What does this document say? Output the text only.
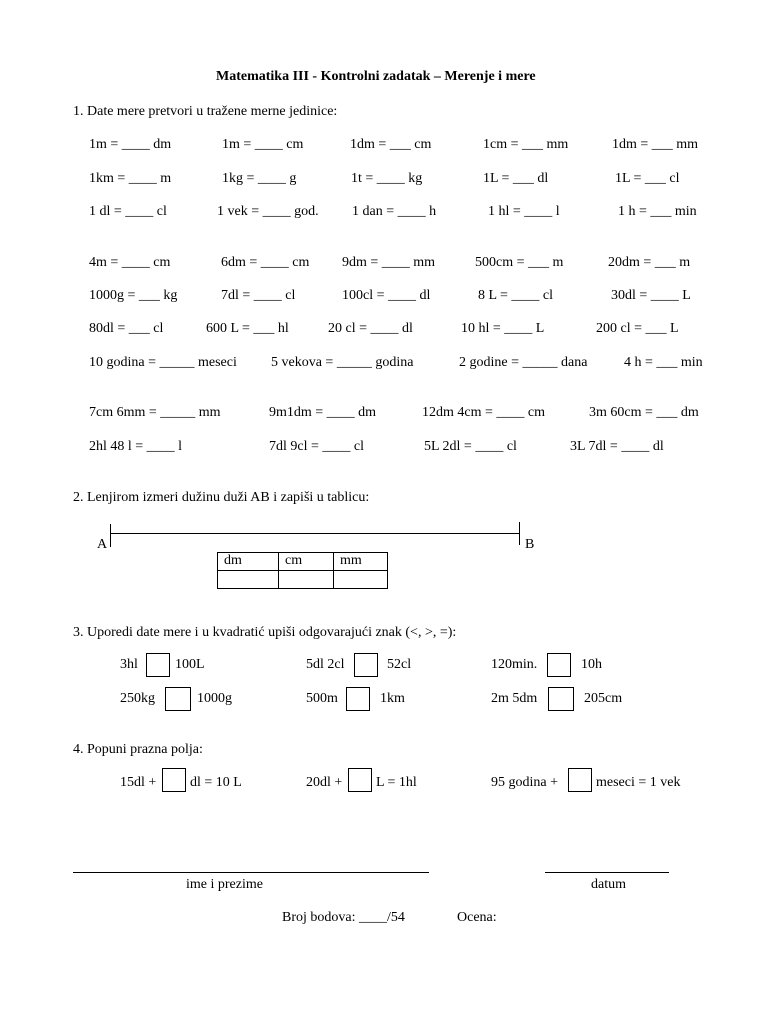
Matematika III - Kontrolni zadatak – Merenje i mere
1. Date mere pretvori u tražene merne jedinice:
1m = ____ dm	1m = ____ cm	1dm = ___ cm	1cm = ___ mm	1dm = ___ mm
1km = ____ m	1kg = ____ g	1t = ____ kg	1L = ___ dl	1L = ___ cl
1 dl = ____ cl	1 vek = ____ god. 1 dan = ____ h	1 hl = ____ l	1 h = ___ min
4m = ____ cm	6dm = ____ cm 9dm = ____ mm	500cm = ___ m	20dm = ___ m
1000g = ___ kg	7dl = ____ cl	100cl = ____ dl	8 L = ____ cl	30dl = ____ L
80dl = ___ cl	600 L = ___ hl	20 cl = ____ dl	10 hl = ____ L	200 cl = ___ L
10 godina = _____ meseci 5 vekova = _____ godina	2 godine = _____ dana	4 h = ___ min
7cm 6mm = _____ mm	9m1dm = ____ dm	12dm 4cm = ____ cm	3m 60cm = ___ dm
2hl 48 l = ____ l	7dl 9cl = ____ cl	5L 2dl = ____ cl	3L 7dl = ____ dl
2. Lenjirom izmeri dužinu duži AB i zapiši u tablicu:
A	B
dm	cm	mm

3. Uporedi date mere i u kvadratić upiši odgovarajući znak (<, >, =):
3hl	100L	5dl 2cl	52cl	120min.	10h
250kg	1000g	500m	1km	2m 5dm	205cm
4. Popuni prazna polja:
15dl + dl = 10 L	20dl + L = 1hl	95 godina +	meseci = 1 vek
ime i prezime	datum
Broj bodova: ____/54	Ocena:
